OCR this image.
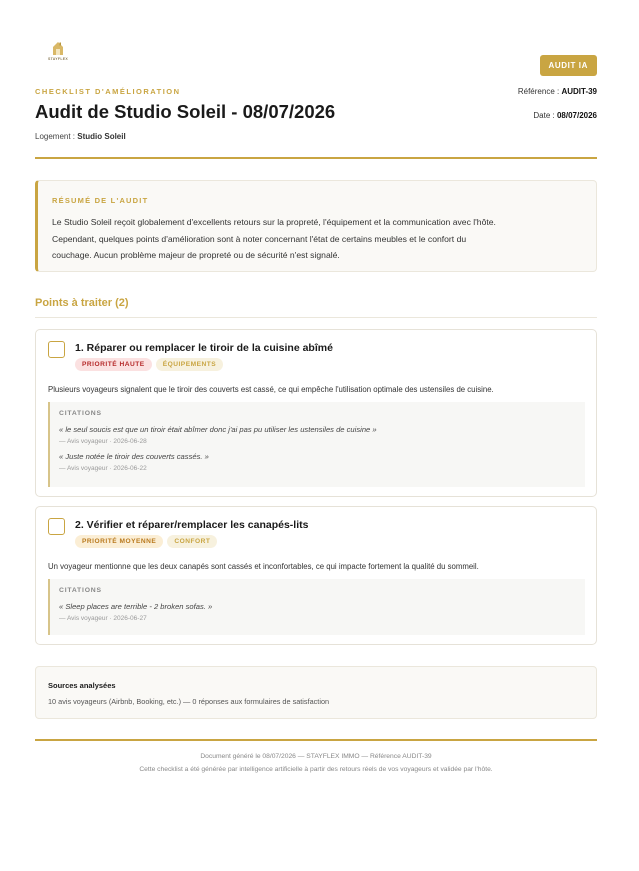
STAYFLEX
AUDIT IA
CHECKLIST D'AMÉLIORATION
Audit de Studio Soleil - 08/07/2026
Logement : Studio Soleil
Référence : AUDIT-39
Date : 08/07/2026
RÉSUMÉ DE L'AUDIT
Le Studio Soleil reçoit globalement d'excellents retours sur la propreté, l'équipement et la communication avec l'hôte.
Cependant, quelques points d'amélioration sont à noter concernant l'état de certains meubles et le confort du
couchage. Aucun problème majeur de propreté ou de sécurité n'est signalé.
Points à traiter (2)
1. Réparer ou remplacer le tiroir de la cuisine abîmé
PRIORITÉ HAUTE	ÉQUIPEMENTS
Plusieurs voyageurs signalent que le tiroir des couverts est cassé, ce qui empêche l'utilisation optimale des ustensiles de cuisine.
CITATIONS
« le seul soucis est que un tiroir était abîmer donc j'ai pas pu utiliser les ustensiles de cuisine »
— Avis voyageur · 2026-06-28
« Juste notée le tiroir des couverts cassés. »
— Avis voyageur · 2026-06-22
2. Vérifier et réparer/remplacer les canapés-lits
PRIORITÉ MOYENNE	CONFORT
Un voyageur mentionne que les deux canapés sont cassés et inconfortables, ce qui impacte fortement la qualité du sommeil.
CITATIONS
« Sleep places are terrible - 2 broken sofas. »
— Avis voyageur · 2026-06-27
Sources analysées
10 avis voyageurs (Airbnb, Booking, etc.) — 0 réponses aux formulaires de satisfaction
Document généré le 08/07/2026 — STAYFLEX IMMO — Référence AUDIT-39
Cette checklist a été générée par intelligence artificielle à partir des retours réels de vos voyageurs et validée par l'hôte.
